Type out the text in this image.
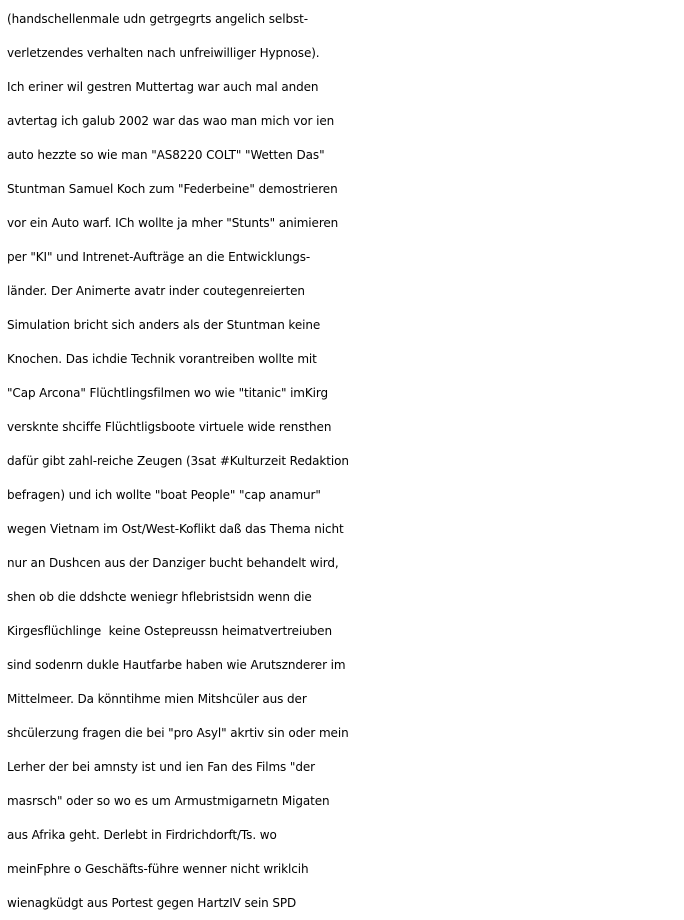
(handschellenmale udn getrgegrts angelich selbst-
verletzendes verhalten nach unfreiwilliger Hypnose).
Ich eriner wil gestren Muttertag war auch mal anden
avtertag ich galub 2002 war das wao man mich vor ien
auto hezzte so wie man "AS8220 COLT" "Wetten Das"
Stuntman Samuel Koch zum "Federbeine" demostrieren
vor ein Auto warf. ICh wollte ja mher "Stunts" animieren
per "KI" und Intrenet-Aufträge an die Entwicklungs-
länder. Der Animerte avatr inder coutegenreierten
Simulation bricht sich anders als der Stuntman keine
Knochen. Das ichdie Technik vorantreiben wollte mit
"Cap Arcona" Flüchtlingsfilmen wo wie "titanic" imKirg
versknte shciffe Flüchtligsboote virtuele wide rensthen
dafür gibt zahl-reiche Zeugen (3sat #Kulturzeit Redaktion
befragen) und ich wollte "boat People" "cap anamur"
wegen Vietnam im Ost/West-Koflikt daß das Thema nicht
nur an Dushcen aus der Danziger bucht behandelt wird,
shen ob die ddshcte weniegr hflebristsidn wenn die
Kirgesflüchlinge  keine Ostepreussn heimatvertreiuben
sind sodenrn dukle Hautfarbe haben wie Arutsznderer im
Mittelmeer. Da könntihme mien Mitshcüler aus der
shcülerzung fragen die bei "pro Asyl" akrtiv sin oder mein
Lerher der bei amnsty ist und ien Fan des Films "der
masrsch" oder so wo es um Armustmigarnetn Migaten
aus Afrika geht. Derlebt in Firdrichdorft/Ts. wo
meinFphre o Geschäfts-führe wenner nicht wriklcih
wienagküdgt aus Portest gegen HartzIV sein SPD
